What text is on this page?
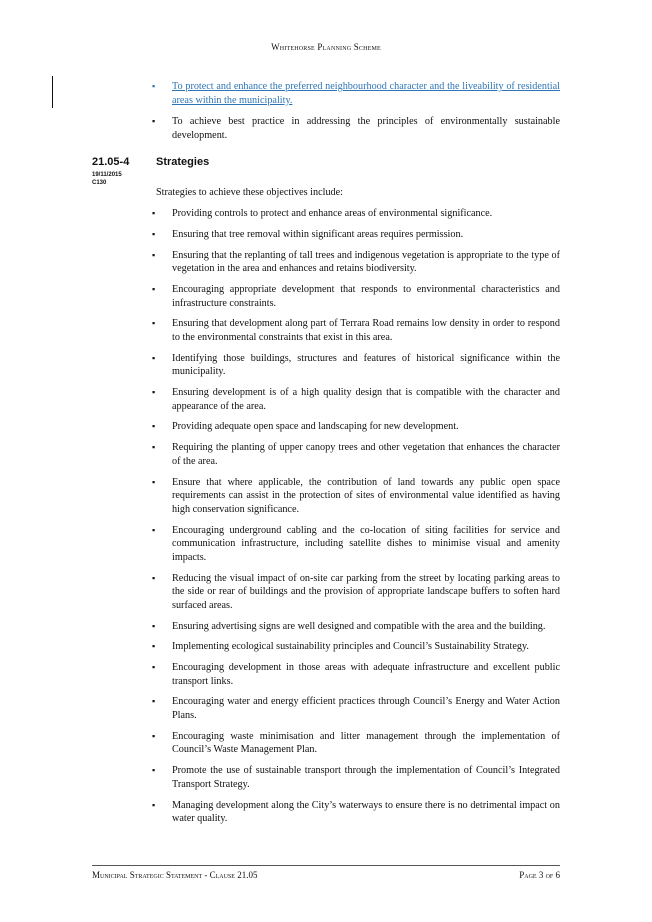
Whitehorse Planning Scheme
▪ To protect and enhance the preferred neighbourhood character and the liveability of residential areas within the municipality.
▪ To achieve best practice in addressing the principles of environmentally sustainable development.
21.05-4
19/11/2015
C130
Strategies
Strategies to achieve these objectives include:
▪ Providing controls to protect and enhance areas of environmental significance.
▪ Ensuring that tree removal within significant areas requires permission.
▪ Ensuring that the replanting of tall trees and indigenous vegetation is appropriate to the type of vegetation in the area and enhances and retains biodiversity.
▪ Encouraging appropriate development that responds to environmental characteristics and infrastructure constraints.
▪ Ensuring that development along part of Terrara Road remains low density in order to respond to the environmental constraints that exist in this area.
▪ Identifying those buildings, structures and features of historical significance within the municipality.
▪ Ensuring development is of a high quality design that is compatible with the character and appearance of the area.
▪ Providing adequate open space and landscaping for new development.
▪ Requiring the planting of upper canopy trees and other vegetation that enhances the character of the area.
▪ Ensure that where applicable, the contribution of land towards any public open space requirements can assist in the protection of sites of environmental value identified as having high conservation significance.
▪ Encouraging underground cabling and the co-location of siting facilities for service and communication infrastructure, including satellite dishes to minimise visual and amenity impacts.
▪ Reducing the visual impact of on-site car parking from the street by locating parking areas to the side or rear of buildings and the provision of appropriate landscape buffers to soften hard surfaced areas.
▪ Ensuring advertising signs are well designed and compatible with the area and the building.
▪ Implementing ecological sustainability principles and Council’s Sustainability Strategy.
▪ Encouraging development in those areas with adequate infrastructure and excellent public transport links.
▪ Encouraging water and energy efficient practices through Council’s Energy and Water Action Plans.
▪ Encouraging waste minimisation and litter management through the implementation of Council’s Waste Management Plan.
▪ Promote the use of sustainable transport through the implementation of Council’s Integrated Transport Strategy.
▪ Managing development along the City’s waterways to ensure there is no detrimental impact on water quality.
Municipal Strategic Statement - Clause 21.05	Page 3 of 6
